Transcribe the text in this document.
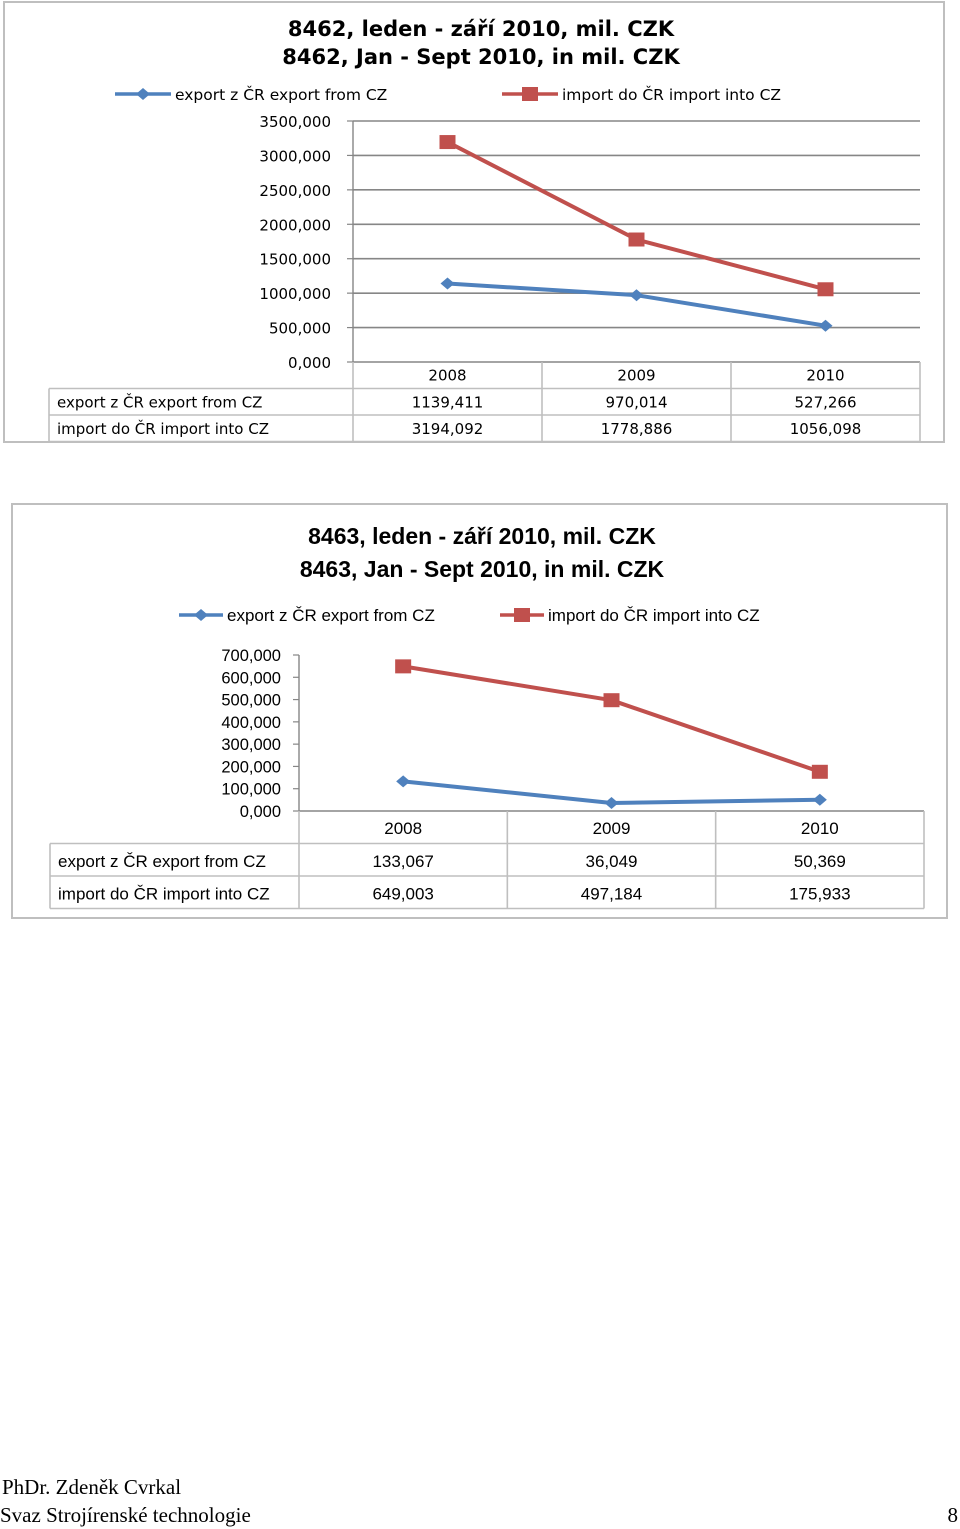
8462, leden - září 2010, mil. CZK
8462, Jan - Sept 2010, in mil. CZK
export z ČR export from CZ	import do ČR import into CZ
0,000
500,000
1000,000
1500,000
2000,000
2500,000
3000,000
3500,000
2008	2009	2010
export z ČR export from CZ	1139,411	970,014	527,266
import do ČR import into CZ	3194,092	1778,886	1056,098
8463, leden - září 2010, mil. CZK
8463, Jan - Sept 2010, in mil. CZK
export z ČR export from CZ	import do ČR import into CZ
0,000
100,000
200,000
300,000
400,000
500,000
600,000
700,000
2008	2009	2010
export z ČR export from CZ	133,067	36,049	50,369
import do ČR import into CZ	649,003	497,184	175,933
PhDr. Zdeněk Cvrkal
Svaz Strojírenské technologie	8
